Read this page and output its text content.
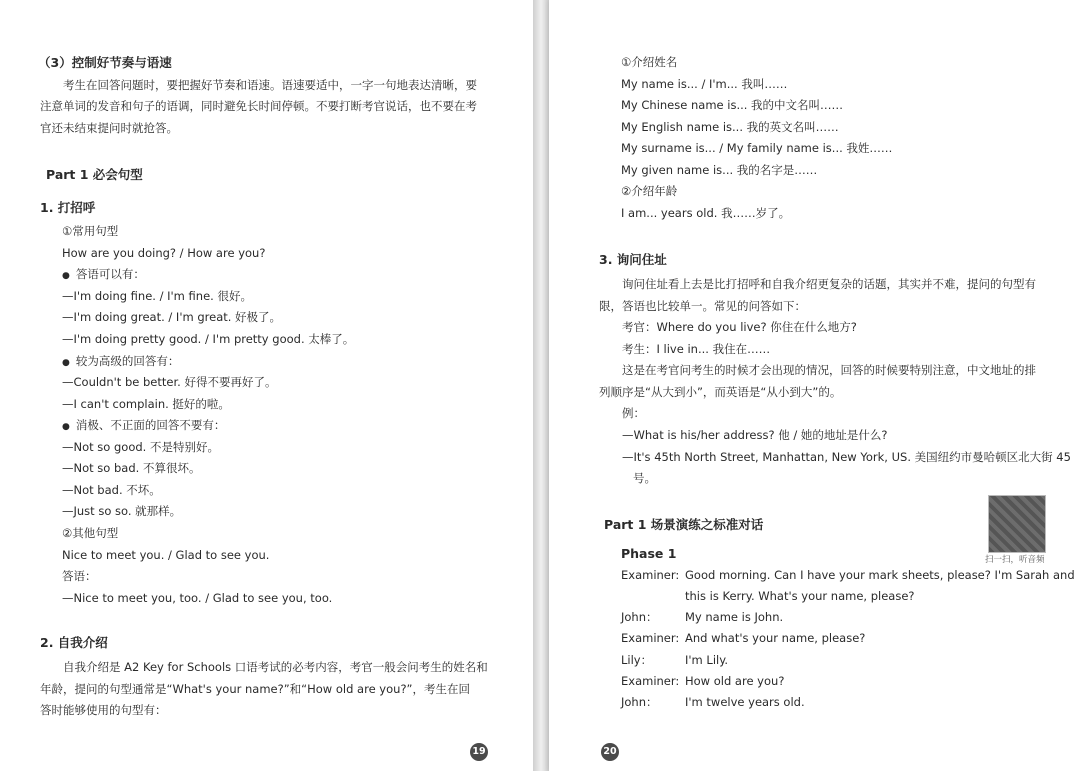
（3）控制好节奏与语速
考生在回答问题时，要把握好节奏和语速。语速要适中，一字一句地表达清晰，要
注意单词的发音和句子的语调，同时避免长时间停顿。不要打断考官说话，也不要在考
官还未结束提问时就抢答。
Part 1 必会句型
1. 打招呼
①常用句型
How are you doing? / How are you?
● 答语可以有：
—I'm doing fine. / I'm fine. 很好。
—I'm doing great. / I'm great. 好极了。
—I'm doing pretty good. / I'm pretty good. 太棒了。
● 较为高级的回答有：
—Couldn't be better. 好得不要再好了。
—I can't complain. 挺好的啦。
● 消极、不正面的回答不要有：
—Not so good. 不是特别好。
—Not so bad. 不算很坏。
—Not bad. 不坏。
—Just so so. 就那样。
②其他句型
Nice to meet you. / Glad to see you.
答语：
—Nice to meet you, too. / Glad to see you, too.
2. 自我介绍
自我介绍是 A2 Key for Schools 口语考试的必考内容，考官一般会问考生的姓名和
年龄，提问的句型通常是“What's your name?”和“How old are you?”，考生在回
答时能够使用的句型有：
19
①介绍姓名
My name is... / I'm... 我叫……
My Chinese name is... 我的中文名叫……
My English name is... 我的英文名叫……
My surname is... / My family name is... 我姓……
My given name is... 我的名字是……
②介绍年龄
I am... years old. 我……岁了。
3. 询问住址
询问住址看上去是比打招呼和自我介绍更复杂的话题，其实并不难，提问的句型有
限，答语也比较单一。常见的问答如下：
考官：Where do you live? 你住在什么地方?
考生：I live in... 我住在……
这是在考官问考生的时候才会出现的情况，回答的时候要特别注意，中文地址的排
列顺序是“从大到小”，而英语是“从小到大”的。
例：
—What is his/her address? 他 / 她的地址是什么?
—It's 45th North Street, Manhattan, New York, US. 美国纽约市曼哈顿区北大街 45
号。
Part 1 场景演练之标准对话
扫一扫，听音频
Phase 1
Examiner: Good morning. Can I have your mark sheets, please? I'm Sarah and
this is Kerry. What's your name, please?
John： My name is John.
Examiner: And what's your name, please?
Lily：	I'm Lily.
Examiner: How old are you?
John： I'm twelve years old.
20
